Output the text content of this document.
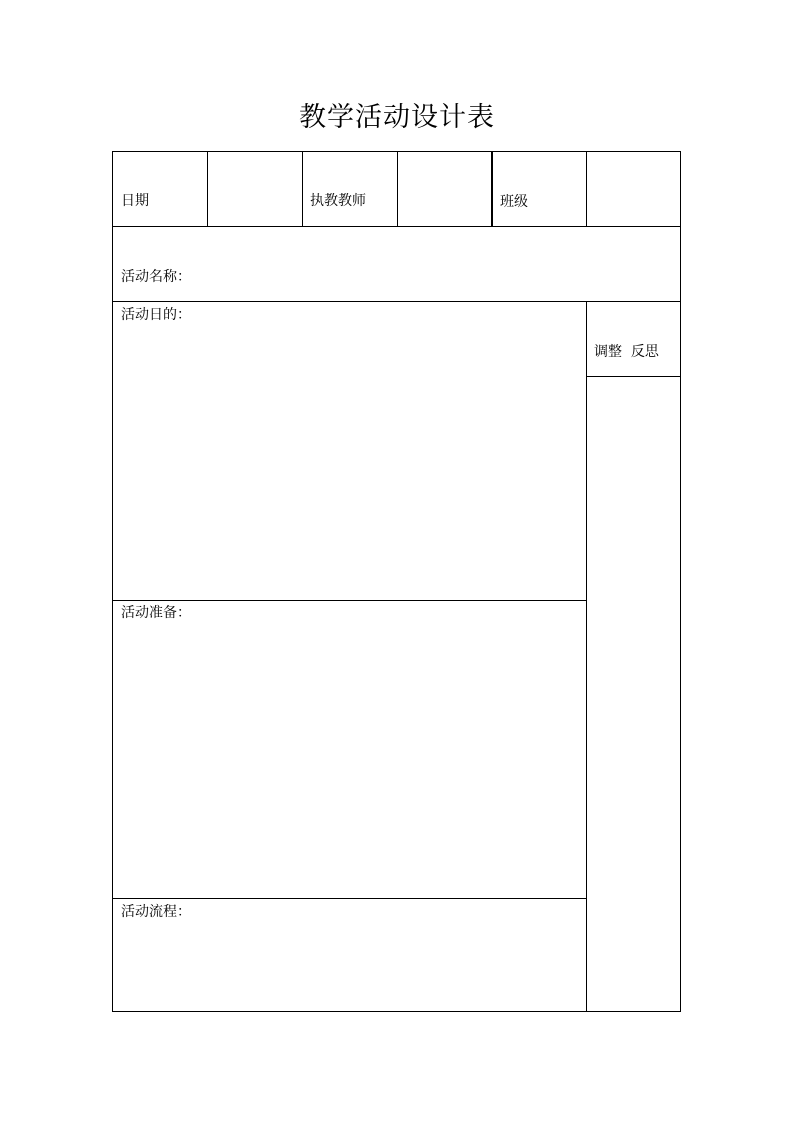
教学活动设计表
日期	执教教师	班级
活动名称：
活动日的：
调整  反思
活动准备：
活动流程：
